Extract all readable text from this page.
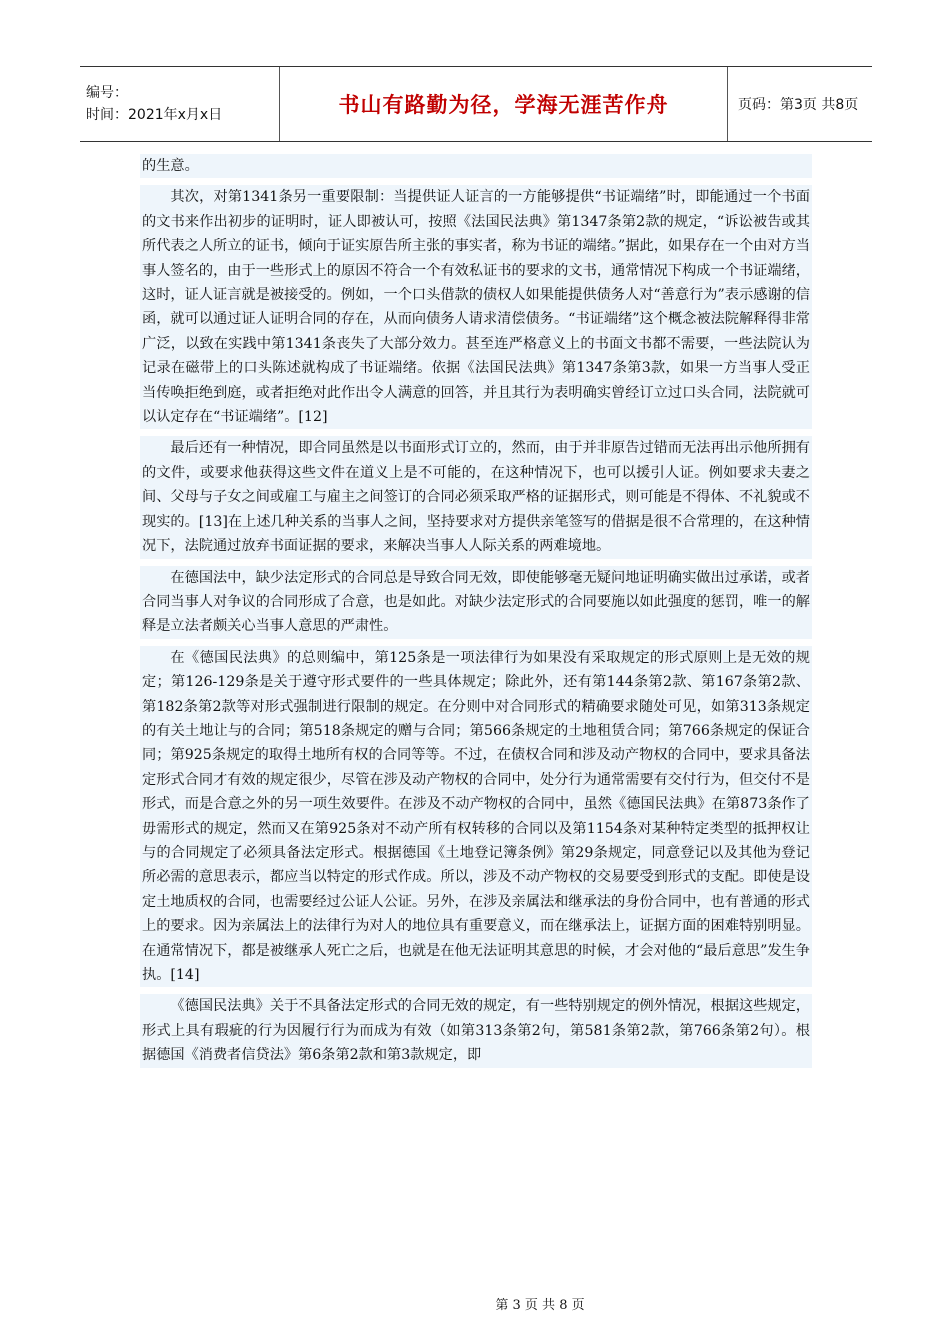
编号：
时间：2021年x月x日	书山有路勤为径，学海无涯苦作舟	页码：第3页 共8页

的生意。

其次，对第1341条另一重要限制：当提供证人证言的一方能够提供“书证端绪”时，即能通过一个书面的文书来作出初步的证明时，证人即被认可，按照《法国民法典》第1347条第2款的规定，“诉讼被告或其所代表之人所立的证书，倾向于证实原告所主张的事实者，称为书证的端绪。”据此，如果存在一个由对方当事人签名的，由于一些形式上的原因不符合一个有效私证书的要求的文书，通常情况下构成一个书证端绪，这时，证人证言就是被接受的。例如，一个口头借款的债权人如果能提供债务人对“善意行为”表示感谢的信函，就可以通过证人证明合同的存在，从而向债务人请求清偿债务。“书证端绪”这个概念被法院解释得非常广泛，以致在实践中第1341条丧失了大部分效力。甚至连严格意义上的书面文书都不需要，一些法院认为记录在磁带上的口头陈述就构成了书证端绪。依据《法国民法典》第1347条第3款，如果一方当事人受正当传唤拒绝到庭，或者拒绝对此作出令人满意的回答，并且其行为表明确实曾经订立过口头合同，法院就可以认定存在“书证端绪”。[12]

最后还有一种情况，即合同虽然是以书面形式订立的，然而，由于并非原告过错而无法再出示他所拥有的文件，或要求他获得这些文件在道义上是不可能的，在这种情况下，也可以援引人证。例如要求夫妻之间、父母与子女之间或雇工与雇主之间签订的合同必须采取严格的证据形式，则可能是不得体、不礼貌或不现实的。[13]在上述几种关系的当事人之间，坚持要求对方提供亲笔签写的借据是很不合常理的，在这种情况下，法院通过放弃书面证据的要求，来解决当事人人际关系的两难境地。

在德国法中，缺少法定形式的合同总是导致合同无效，即使能够毫无疑问地证明确实做出过承诺，或者合同当事人对争议的合同形成了合意，也是如此。对缺少法定形式的合同要施以如此强度的惩罚，唯一的解释是立法者颇关心当事人意思的严肃性。

在《德国民法典》的总则编中，第125条是一项法律行为如果没有采取规定的形式原则上是无效的规定；第126-129条是关于遵守形式要件的一些具体规定；除此外，还有第144条第2款、第167条第2款、第182条第2款等对形式强制进行限制的规定。在分则中对合同形式的精确要求随处可见，如第313条规定的有关土地让与的合同；第518条规定的赠与合同；第566条规定的土地租赁合同；第766条规定的保证合同；第925条规定的取得土地所有权的合同等等。不过，在债权合同和涉及动产物权的合同中，要求具备法定形式合同才有效的规定很少，尽管在涉及动产物权的合同中，处分行为通常需要有交付行为，但交付不是形式，而是合意之外的另一项生效要件。在涉及不动产物权的合同中，虽然《德国民法典》在第873条作了毋需形式的规定，然而又在第925条对不动产所有权转移的合同以及第1154条对某种特定类型的抵押权让与的合同规定了必须具备法定形式。根据德国《土地登记簿条例》第29条规定，同意登记以及其他为登记所必需的意思表示，都应当以特定的形式作成。所以，涉及不动产物权的交易要受到形式的支配。即使是设定土地质权的合同，也需要经过公证人公证。另外，在涉及亲属法和继承法的身份合同中，也有普通的形式上的要求。因为亲属法上的法律行为对人的地位具有重要意义，而在继承法上，证据方面的困难特别明显。在通常情况下，都是被继承人死亡之后，也就是在他无法证明其意思的时候，才会对他的“最后意思”发生争执。[14]

《德国民法典》关于不具备法定形式的合同无效的规定，有一些特别规定的例外情况，根据这些规定，形式上具有瑕疵的行为因履行行为而成为有效（如第313条第2句，第581条第2款，第766条第2句）。根据德国《消费者信贷法》第6条第2款和第3款规定，即

第 3 页 共 8 页
